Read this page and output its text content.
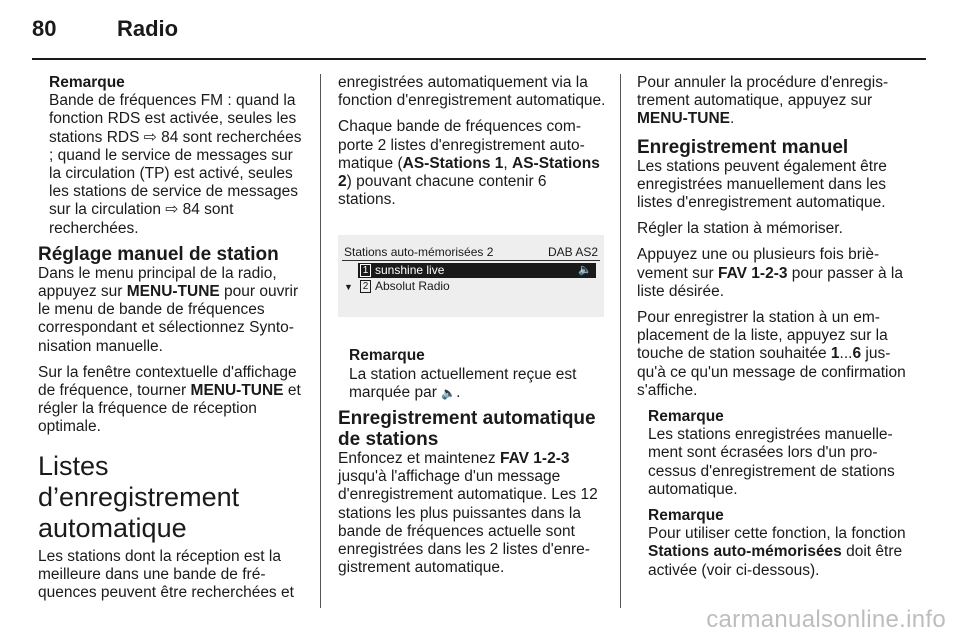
80	Radio
Remarque
Bande de fréquences FM : quand la fonction RDS est activée, seules les stations RDS ⇨ 84 sont recherchées ; quand le service de messages sur la circulation (TP) est activé, seules les stations de service de messages sur la circulation ⇨ 84 sont recherchées.
Réglage manuel de station

Dans le menu principal de la radio, appuyez sur MENU-TUNE pour ouvrir le menu de bande de fréquences correspondant et sélectionnez Syntonisation manuelle.

Sur la fenêtre contextuelle d'affichage de fréquence, tourner MENU-TUNE et régler la fréquence de réception optimale.

Listes d’enregistrement automatique

Les stations dont la réception est la meilleure dans une bande de fréquences peuvent être recherchées et

enregistrées automatiquement via la fonction d'enregistrement automatique.

Chaque bande de fréquences comporte 2 listes d'enregistrement automatique (AS-Stations 1, AS-Stations 2) pouvant chacune contenir 6 stations.

Stations auto-mémorisées 2	DAB AS2
▼
1 sunshine live	🔈
2 Absolut Radio
Remarque
La station actuellement reçue est marquée par 🔈.
Enregistrement automatique de stations

Enfoncez et maintenez FAV 1-2-3 jusqu'à l'affichage d'un message d'enregistrement automatique. Les 12 stations les plus puissantes dans la bande de fréquences actuelle sont enregistrées dans les 2 listes d'enregistrement automatique.

Pour annuler la procédure d'enregistrement automatique, appuyez sur MENU-TUNE.

Enregistrement manuel

Les stations peuvent également être enregistrées manuellement dans les listes d'enregistrement automatique.

Régler la station à mémoriser.

Appuyez une ou plusieurs fois brièvement sur FAV 1-2-3 pour passer à la liste désirée.

Pour enregistrer la station à un emplacement de la liste, appuyez sur la touche de station souhaitée 1...6 jusqu'à ce qu'un message de confirmation s'affiche.

Remarque
Les stations enregistrées manuellement sont écrasées lors d'un processus d'enregistrement de stations automatique.
Remarque
Pour utiliser cette fonction, la fonction Stations auto-mémorisées doit être activée (voir ci-dessous).
carmanualsonline.info
